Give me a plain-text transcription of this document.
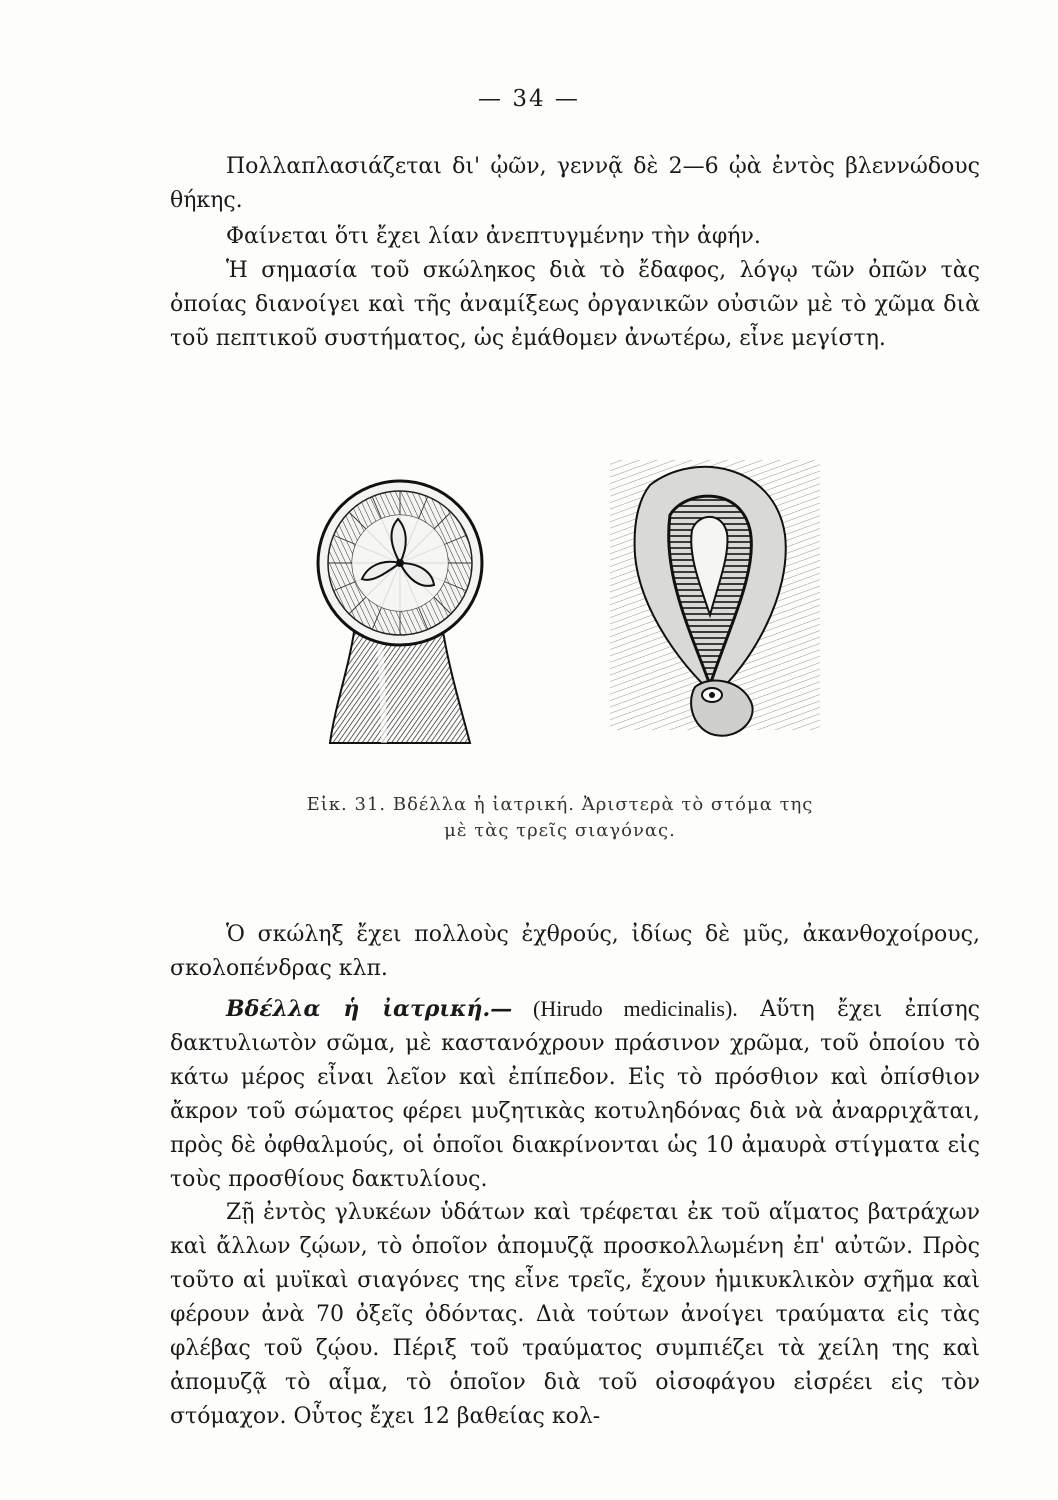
— 34 —

Πολλαπλασιάζεται δι' ᾠῶν, γεννᾷ δὲ 2—6 ᾠὰ ἐντὸς βλεννώδους θήκης.

Φαίνεται ὅτι ἔχει λίαν ἀνεπτυγμένην τὴν ἁφήν.

Ἡ σημασία τοῦ σκώληκος διὰ τὸ ἔδαφος, λόγῳ τῶν ὀπῶν τὰς ὁποίας διανοίγει καὶ τῆς ἀναμίξεως ὀργανικῶν οὐσιῶν μὲ τὸ χῶμα διὰ τοῦ πεπτικοῦ συστήματος, ὡς ἐμάθομεν ἀνωτέρω, εἶνε μεγίστη.

Εἰκ. 31. Βδέλλα ἡ ἰατρική. Ἀριστερὰ τὸ στόμα της
μὲ τὰς τρεῖς σιαγόνας.

Ὁ σκώληξ ἔχει πολλοὺς ἐχθρούς, ἰδίως δὲ μῦς, ἀκανθοχοίρους, σκολοπένδρας κλπ.

Βδέλλα ἡ ἰατρική.— (Hirudo medicinalis). Αὕτη ἔχει ἐπίσης δακτυλιωτὸν σῶμα, μὲ καστανόχρουν πράσινον χρῶμα, τοῦ ὁποίου τὸ κάτω μέρος εἶναι λεῖον καὶ ἐπίπεδον. Εἰς τὸ πρόσθιον καὶ ὀπίσθιον ἄκρον τοῦ σώματος φέρει μυζητικὰς κοτυληδόνας διὰ νὰ ἀναρριχᾶται, πρὸς δὲ ὀφθαλμούς, οἱ ὁποῖοι διακρίνονται ὡς 10 ἀμαυρὰ στίγματα εἰς τοὺς προσθίους δακτυλίους.

Ζῇ ἐντὸς γλυκέων ὑδάτων καὶ τρέφεται ἐκ τοῦ αἵματος βατράχων καὶ ἄλλων ζῴων, τὸ ὁποῖον ἀπομυζᾷ προσκολλωμένη ἐπ' αὐτῶν. Πρὸς τοῦτο αἱ μυϊκαὶ σιαγόνες της εἶνε τρεῖς, ἔχουν ἡμικυκλικὸν σχῆμα καὶ φέρουν ἀνὰ 70 ὀξεῖς ὀδόντας. Διὰ τούτων ἀνοίγει τραύματα εἰς τὰς φλέβας τοῦ ζῴου. Πέριξ τοῦ τραύματος συμπιέζει τὰ χείλη της καὶ ἀπομυζᾷ τὸ αἷμα, τὸ ὁποῖον διὰ τοῦ οἰσοφάγου εἰσρέει εἰς τὸν στόμαχον. Οὗτος ἔχει 12 βαθείας κολ-
